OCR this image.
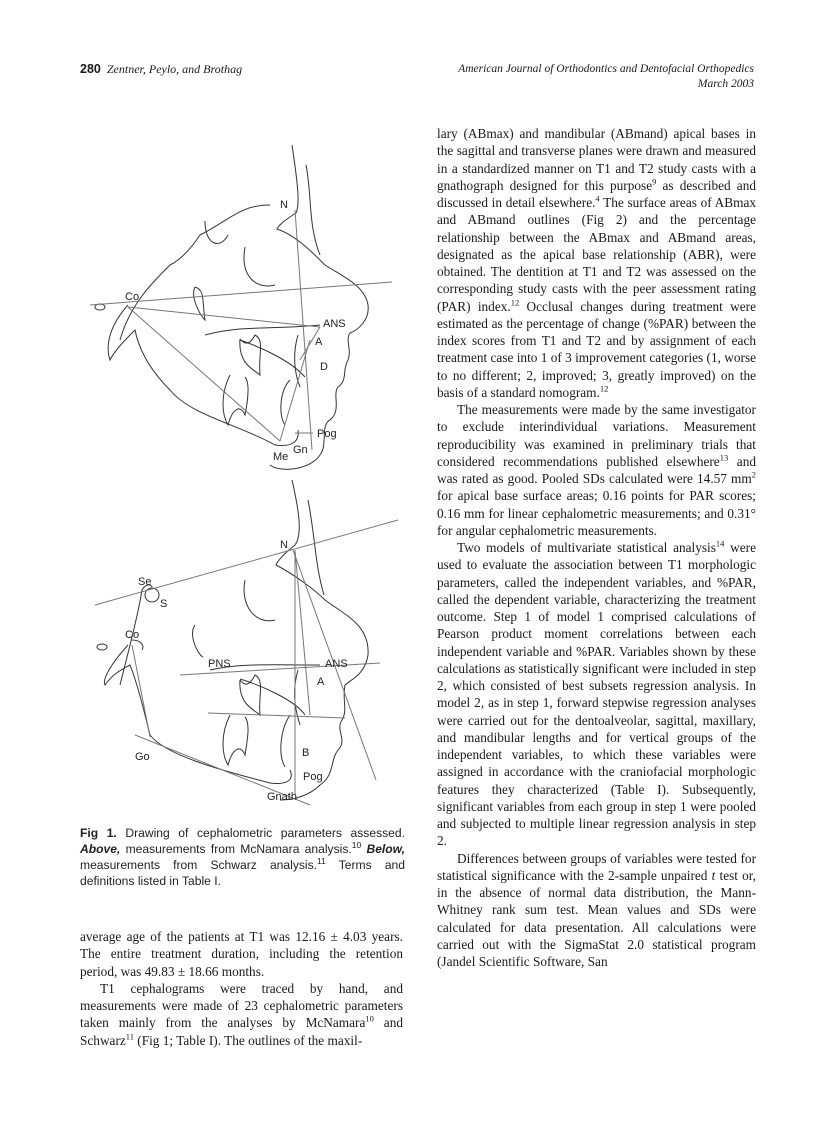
280 Zentner, Peylo, and Brothag	American Journal of Orthodontics and Dentofacial Orthopedics
March 2003
N
Co
ANS
A
D
Pog
Me
Gn
N
Se
S
Co
PNS	ANS
A
Go	B
Pog
Gnath
Fig 1. Drawing of cephalometric parameters assessed. Above, measurements from McNamara analysis.$^{10}$ Below, measurements from Schwarz analysis.$^{11}$ Terms and definitions listed in Table I.

average age of the patients at T1 was 12.16 ± 4.03 years. The entire treatment duration, including the retention period, was 49.83 ± 18.66 months.

T1 cephalograms were traced by hand, and measurements were made of 23 cephalometric parameters taken mainly from the analyses by McNamara$^{10}$ and Schwarz$^{11}$ (Fig 1; Table I). The outlines of the maxil-

lary (ABmax) and mandibular (ABmand) apical bases in the sagittal and transverse planes were drawn and measured in a standardized manner on T1 and T2 study casts with a gnathograph designed for this purpose$^9$ as described and discussed in detail elsewhere.$^4$ The surface areas of ABmax and ABmand outlines (Fig 2) and the percentage relationship between the ABmax and ABmand areas, designated as the apical base relationship (ABR), were obtained. The dentition at T1 and T2 was assessed on the corresponding study casts with the peer assessment rating (PAR) index.$^{12}$ Occlusal changes during treatment were estimated as the percentage of change (%PAR) between the index scores from T1 and T2 and by assignment of each treatment case into 1 of 3 improvement categories (1, worse to no different; 2, improved; 3, greatly improved) on the basis of a standard nomogram.$^{12}$

The measurements were made by the same investigator to exclude interindividual variations. Measurement reproducibility was examined in preliminary trials that considered recommendations published elsewhere$^{13}$ and was rated as good. Pooled SDs calculated were 14.57 $mm^2$ for apical base surface areas; 0.16 points for PAR scores; 0.16 mm for linear cephalometric measurements; and 0.31° for angular cephalometric measurements.

Two models of multivariate statistical analysis$^{14}$ were used to evaluate the association between T1 morphologic parameters, called the independent variables, and %PAR, called the dependent variable, characterizing the treatment outcome. Step 1 of model 1 comprised calculations of Pearson product moment correlations between each independent variable and %PAR. Variables shown by these calculations as statistically significant were included in step 2, which consisted of best subsets regression analysis. In model 2, as in step 1, forward stepwise regression analyses were carried out for the dentoalveolar, sagittal, maxillary, and mandibular lengths and for vertical groups of the independent variables, to which these variables were assigned in accordance with the craniofacial morphologic features they characterized (Table I). Subsequently, significant variables from each group in step 1 were pooled and subjected to multiple linear regression analysis in step 2.

Differences between groups of variables were tested for statistical significance with the 2-sample unpaired t test or, in the absence of normal data distribution, the Mann-Whitney rank sum test. Mean values and SDs were calculated for data presentation. All calculations were carried out with the SigmaStat 2.0 statistical program (Jandel Scientific Software, San
